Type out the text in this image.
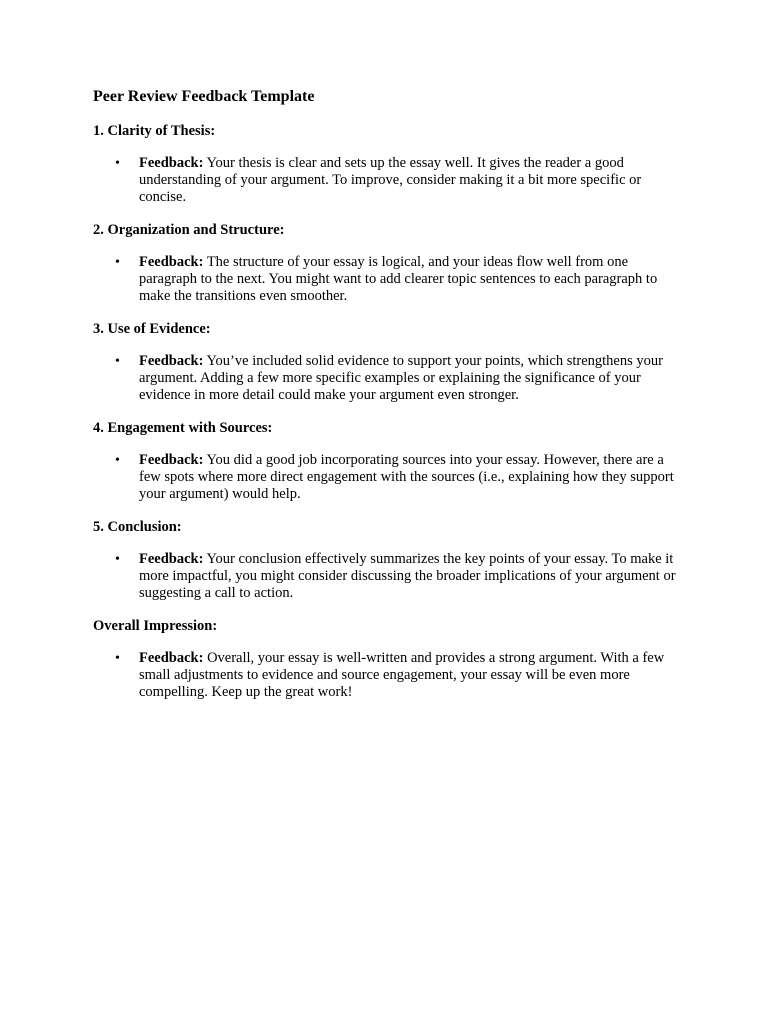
Peer Review Feedback Template
1. Clarity of Thesis:
• Feedback: Your thesis is clear and sets up the essay well. It gives the reader a good understanding of your argument. To improve, consider making it a bit more specific or concise.
2. Organization and Structure:
• Feedback: The structure of your essay is logical, and your ideas flow well from one paragraph to the next. You might want to add clearer topic sentences to each paragraph to make the transitions even smoother.
3. Use of Evidence:
• Feedback: You’ve included solid evidence to support your points, which strengthens your argument. Adding a few more specific examples or explaining the significance of your evidence in more detail could make your argument even stronger.
4. Engagement with Sources:
• Feedback: You did a good job incorporating sources into your essay. However, there are a few spots where more direct engagement with the sources (i.e., explaining how they support your argument) would help.
5. Conclusion:
• Feedback: Your conclusion effectively summarizes the key points of your essay. To make it more impactful, you might consider discussing the broader implications of your argument or suggesting a call to action.
Overall Impression:
• Feedback: Overall, your essay is well-written and provides a strong argument. With a few small adjustments to evidence and source engagement, your essay will be even more compelling. Keep up the great work!
